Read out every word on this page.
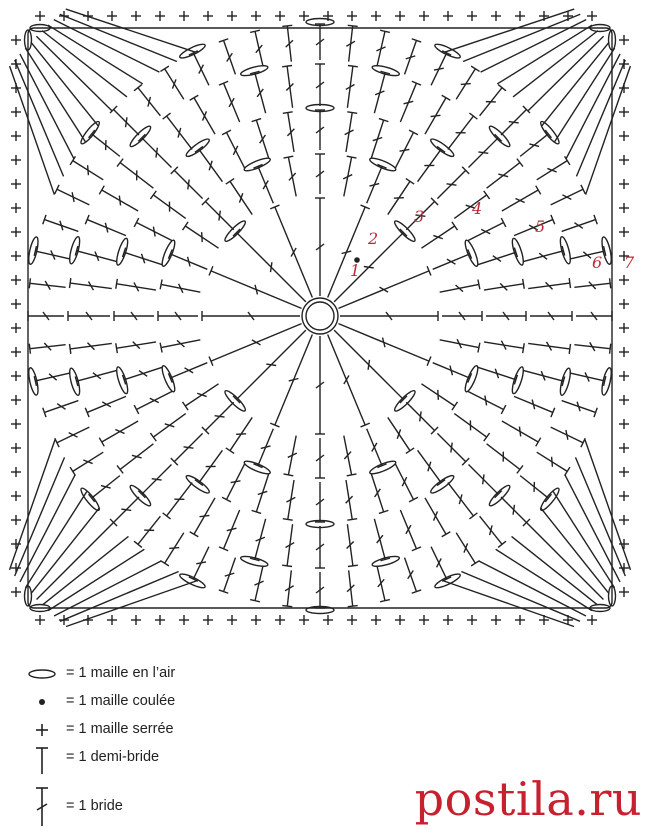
1
2
3	4
5
6 7
= 1 maille en l’air
= 1 maille coulée
= 1 maille serrée
= 1 demi-bride
= 1 bride	postila.ru
